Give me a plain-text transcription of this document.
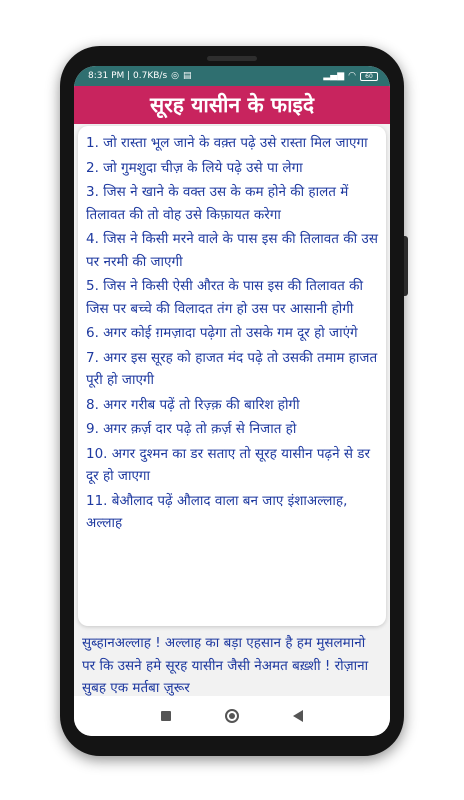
8:31 PM | 0.7KB/s ◎ ▤	▂▄▆ ◠	60
सूरह यासीन के फाइदे

1. जो रास्ता भूल जाने के वक़्त पढ़े उसे रास्ता मिल जाएगा

2. जो गुमशुदा चीज़ के लिये पढ़े उसे पा लेगा

3. जिस ने खाने के वक्त उस के कम होने की हालत में तिलावत की तो वोह उसे किफ़ायत करेगा

4. जिस ने किसी मरने वाले के पास इस की तिलावत की उस पर नरमी की जाएगी

5. जिस ने किसी ऐसी औरत के पास इस की तिलावत की जिस पर बच्चे की विलादत तंग हो उस पर आसानी होगी

6. अगर कोई ग़मज़ादा पढ़ेगा तो उसके गम दूर हो जाएंगे

7. अगर इस सूरह को हाजत मंद पढ़े तो उसकी तमाम हाजत पूरी हो जाएगी

8. अगर गरीब पढ़ें तो रिज़्क़ की बारिश होगी

9. अगर क़र्ज़ दार पढ़े तो क़र्ज़ से निजात हो

10. अगर दुश्मन का डर सताए तो सूरह यासीन पढ़ने से डर दूर हो जाएगा

11. बेऔलाद पढ़ें औलाद वाला बन जाए इंशाअल्लाह, अल्लाह

सुब्हानअल्लाह ! अल्लाह का बड़ा एहसान है हम मुसलमानो पर कि उसने हमे सूरह यासीन जैसी नेअमत बख़्शी ! रोज़ाना सुबह एक मर्तबा ज़ुरूर
